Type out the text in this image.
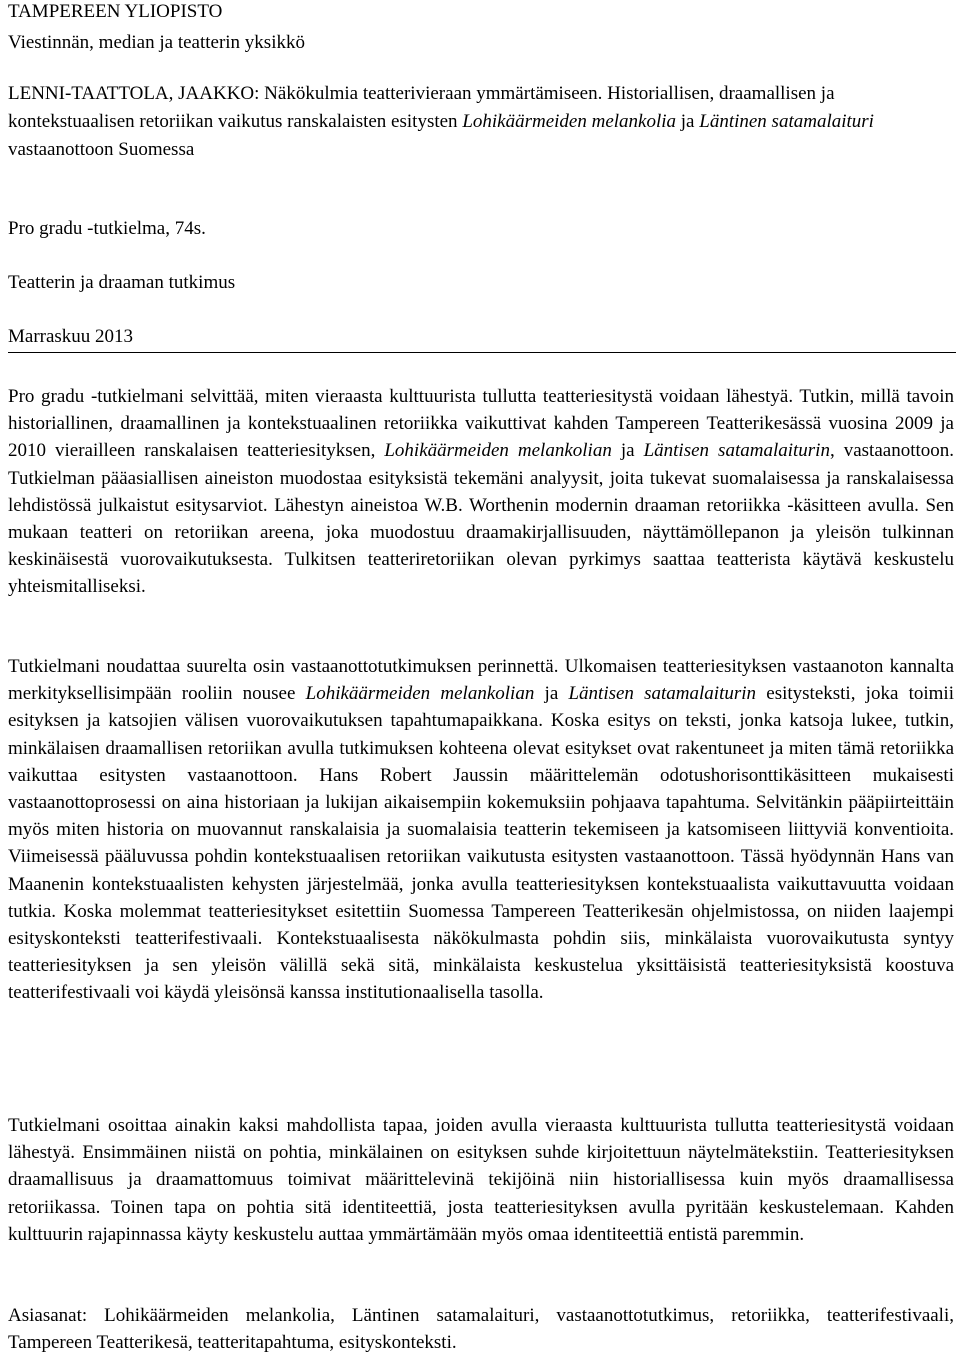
TAMPEREEN YLIOPISTO

Viestinnän, median ja teatterin yksikkö

LENNI-TAATTOLA, JAAKKO: Näkökulmia teatterivieraan ymmärtämiseen. Historiallisen, draamallisen ja kontekstuaalisen retoriikan vaikutus ranskalaisten esitysten Lohikäärmeiden melankolia ja Läntinen satamalaituri vastaanottoon Suomessa

Pro gradu -tutkielma, 74s.

Teatterin ja draaman tutkimus

Marraskuu 2013

Pro gradu -tutkielmani selvittää, miten vieraasta kulttuurista tullutta teatteriesitystä voidaan lähestyä. Tutkin, millä tavoin historiallinen, draamallinen ja kontekstuaalinen retoriikka vaikuttivat kahden Tampereen Teatterikesässä vuosina 2009 ja 2010 vierailleen ranskalaisen teatteriesityksen, Lohikäärmeiden melankolian ja Läntisen satamalaiturin, vastaanottoon. Tutkielman pääasiallisen aineiston muodostaa esityksistä tekemäni analyysit, joita tukevat suomalaisessa ja ranskalaisessa lehdistössä julkaistut esitysarviot. Lähestyn aineistoa W.B. Worthenin modernin draaman retoriikka -käsitteen avulla. Sen mukaan teatteri on retoriikan areena, joka muodostuu draamakirjallisuuden, näyttämöllepanon ja yleisön tulkinnan keskinäisestä vuorovaikutuksesta. Tulkitsen teatteriretoriikan olevan pyrkimys saattaa teatterista käytävä keskustelu yhteismitalliseksi.

Tutkielmani noudattaa suurelta osin vastaanottotutkimuksen perinnettä. Ulkomaisen teatteriesityksen vastaanoton kannalta merkityksellisimpään rooliin nousee Lohikäärmeiden melankolian ja Läntisen satamalaiturin esitysteksti, joka toimii esityksen ja katsojien välisen vuorovaikutuksen tapahtumapaikkana. Koska esitys on teksti, jonka katsoja lukee, tutkin, minkälaisen draamallisen retoriikan avulla tutkimuksen kohteena olevat esitykset ovat rakentuneet ja miten tämä retoriikka vaikuttaa esitysten vastaanottoon. Hans Robert Jaussin määrittelemän odotushorisonttikäsitteen mukaisesti vastaanottoprosessi on aina historiaan ja lukijan aikaisempiin kokemuksiin pohjaava tapahtuma. Selvitänkin pääpiirteittäin myös miten historia on muovannut ranskalaisia ja suomalaisia teatterin tekemiseen ja katsomiseen liittyviä konventioita. Viimeisessä pääluvussa pohdin kontekstuaalisen retoriikan vaikutusta esitysten vastaanottoon. Tässä hyödynnän Hans van Maanenin kontekstuaalisten kehysten järjestelmää, jonka avulla teatteriesityksen kontekstuaalista vaikuttavuutta voidaan tutkia. Koska molemmat teatteriesitykset esitettiin Suomessa Tampereen Teatterikesän ohjelmistossa, on niiden laajempi esityskonteksti teatterifestivaali. Kontekstuaalisesta näkökulmasta pohdin siis, minkälaista vuorovaikutusta syntyy teatteriesityksen ja sen yleisön välillä sekä sitä, minkälaista keskustelua yksittäisistä teatteriesityksistä koostuva teatterifestivaali voi käydä yleisönsä kanssa institutionaalisella tasolla.

Tutkielmani osoittaa ainakin kaksi mahdollista tapaa, joiden avulla vieraasta kulttuurista tullutta teatteriesitystä voidaan lähestyä. Ensimmäinen niistä on pohtia, minkälainen on esityksen suhde kirjoitettuun näytelmätekstiin. Teatteriesityksen draamallisuus ja draamattomuus toimivat määrittelevinä tekijöinä niin historiallisessa kuin myös draamallisessa retoriikassa. Toinen tapa on pohtia sitä identiteettiä, josta teatteriesityksen avulla pyritään keskustelemaan. Kahden kulttuurin rajapinnassa käyty keskustelu auttaa ymmärtämään myös omaa identiteettiä entistä paremmin.

Asiasanat: Lohikäärmeiden melankolia, Läntinen satamalaituri, vastaanottotutkimus, retoriikka, teatterifestivaali, Tampereen Teatterikesä, teatteritapahtuma, esityskonteksti.
